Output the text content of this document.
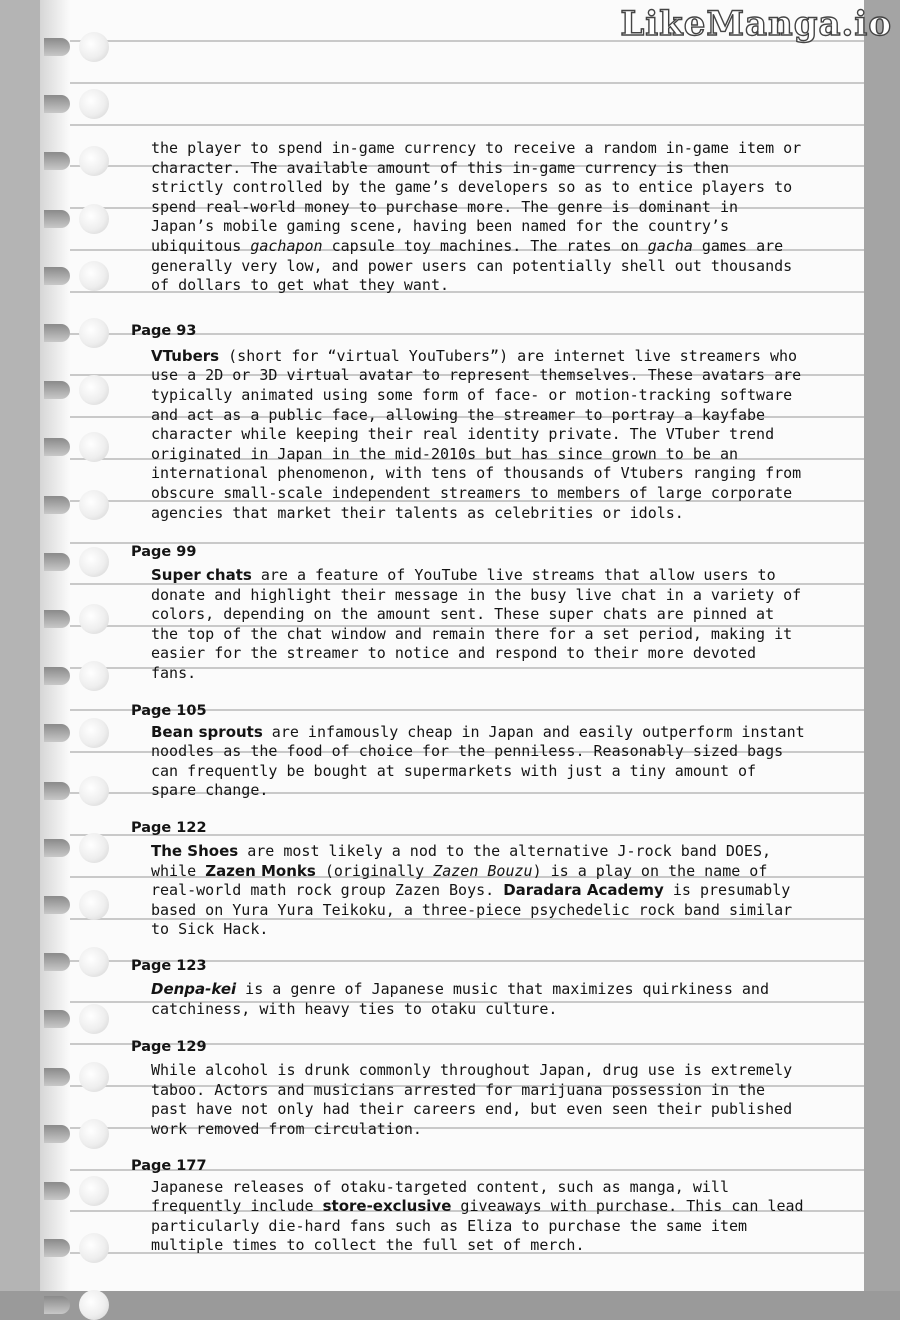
LikeManga.io

the player to spend in-game currency to receive a random in-game item or character. The available amount of this in-game currency is then strictly controlled by the game’s developers so as to entice players to spend real-world money to purchase more. The genre is dominant in Japan’s mobile gaming scene, having been named for the country’s ubiquitous gachapon capsule toy machines. The rates on gacha games are generally very low, and power users can potentially shell out thousands of dollars to get what they want.

Page 93

VTubers (short for “virtual YouTubers”) are internet live streamers who use a 2D or 3D virtual avatar to represent themselves. These avatars are typically animated using some form of face- or motion-tracking software and act as a public face, allowing the streamer to portray a kayfabe character while keeping their real identity private. The VTuber trend originated in Japan in the mid-2010s but has since grown to be an international phenomenon, with tens of thousands of Vtubers ranging from obscure small-scale independent streamers to members of large corporate agencies that market their talents as celebrities or idols.

Page 99

Super chats are a feature of YouTube live streams that allow users to donate and highlight their message in the busy live chat in a variety of colors, depending on the amount sent. These super chats are pinned at the top of the chat window and remain there for a set period, making it easier for the streamer to notice and respond to their more devoted fans.

Page 105

Bean sprouts are infamously cheap in Japan and easily outperform instant noodles as the food of choice for the penniless. Reasonably sized bags can frequently be bought at supermarkets with just a tiny amount of spare change.

Page 122

The Shoes are most likely a nod to the alternative J-rock band DOES, while Zazen Monks (originally Zazen Bouzu) is a play on the name of real-world math rock group Zazen Boys. Daradara Academy is presumably based on Yura Yura Teikoku, a three-piece psychedelic rock band similar to Sick Hack.

Page 123

Denpa-kei is a genre of Japanese music that maximizes quirkiness and catchiness, with heavy ties to otaku culture.

Page 129

While alcohol is drunk commonly throughout Japan, drug use is extremely taboo. Actors and musicians arrested for marijuana possession in the past have not only had their careers end, but even seen their published work removed from circulation.

Page 177

Japanese releases of otaku-targeted content, such as manga, will frequently include store-exclusive giveaways with purchase. This can lead particularly die-hard fans such as Eliza to purchase the same item multiple times to collect the full set of merch.
